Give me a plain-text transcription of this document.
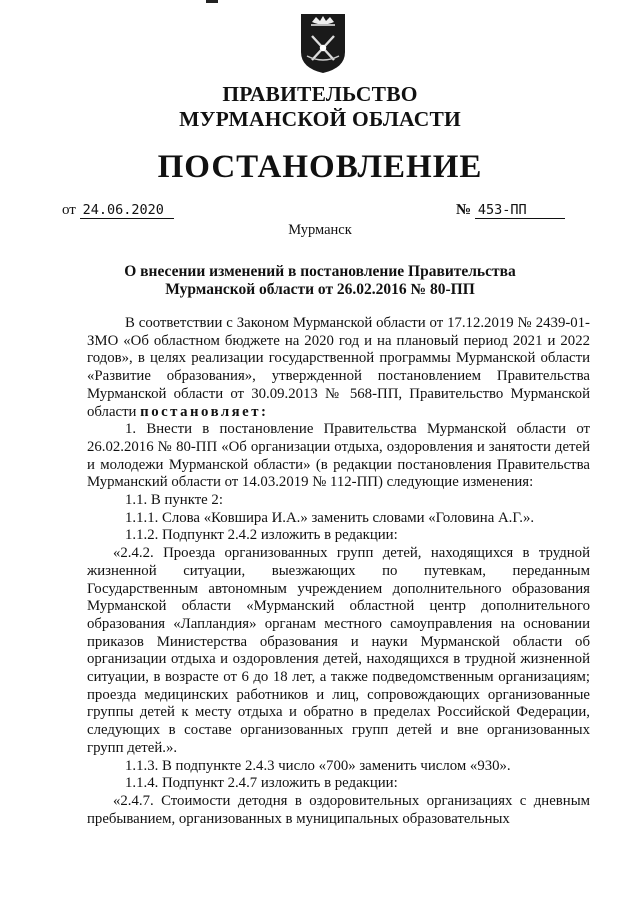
ПРАВИТЕЛЬСТВО
МУРМАНСКОЙ ОБЛАСТИ
ПОСТАНОВЛЕНИЕ
от 24.06.2020	№ 453-ПП
Мурманск
О внесении изменений в постановление Правительства
Мурманской области от 26.02.2016 № 80-ПП

В соответствии с Законом Мурманской области от 17.12.2019 № 2439-01-ЗМО «Об областном бюджете на 2020 год и на плановый период 2021 и 2022 годов», в целях реализации государственной программы Мурманской области «Развитие образования», утвержденной постановлением Правительства Мурманской области от 30.09.2013 № 568-ПП, Правительство Мурманской области постановляет:

1. Внести в постановление Правительства Мурманской области от 26.02.2016 № 80-ПП «Об организации отдыха, оздоровления и занятости детей и молодежи Мурманской области» (в редакции постановления Правительства Мурманский области от 14.03.2019 № 112-ПП) следующие изменения:

1.1. В пункте 2:

1.1.1. Слова «Ковшира И.А.» заменить словами «Головина А.Г.».

1.1.2. Подпункт 2.4.2 изложить в редакции:

«2.4.2. Проезда организованных групп детей, находящихся в трудной жизненной ситуации, выезжающих по путевкам, переданным Государственным автономным учреждением дополнительного образования Мурманской области «Мурманский областной центр дополнительного образования «Лапландия» органам местного самоуправления на основании приказов Министерства образования и науки Мурманской области об организации отдыха и оздоровления детей, находящихся в трудной жизненной ситуации, в возрасте от 6 до 18 лет, а также подведомственным организациям; проезда медицинских работников и лиц, сопровождающих организованные группы детей к месту отдыха и обратно в пределах Российской Федерации, следующих в составе организованных групп детей и вне организованных групп детей.».

1.1.3. В подпункте 2.4.3 число «700» заменить числом «930».

1.1.4. Подпункт 2.4.7 изложить в редакции:

«2.4.7. Стоимости детодня в оздоровительных организациях с дневным пребыванием, организованных в муниципальных образовательных
